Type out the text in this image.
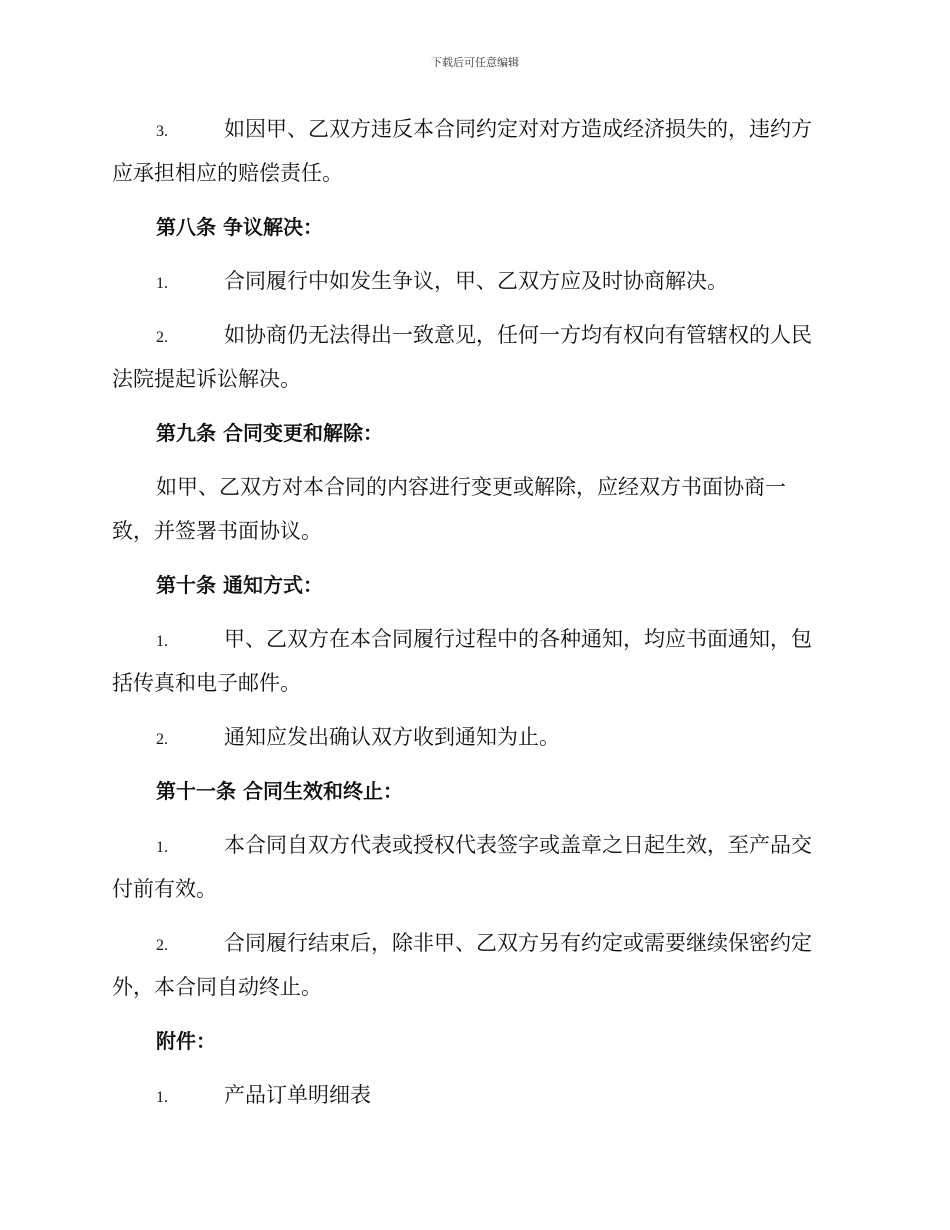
下载后可任意编辑
3.	如因甲、乙双方违反本合同约定对对方造成经济损失的，违约方
应承担相应的赔偿责任。
第八条 争议解决：
1.	合同履行中如发生争议，甲、乙双方应及时协商解决。
2.	如协商仍无法得出一致意见，任何一方均有权向有管辖权的人民
法院提起诉讼解决。
第九条 合同变更和解除：
如甲、乙双方对本合同的内容进行变更或解除，应经双方书面协商一
致，并签署书面协议。
第十条 通知方式：
1.	甲、乙双方在本合同履行过程中的各种通知，均应书面通知，包
括传真和电子邮件。
2.	通知应发出确认双方收到通知为止。
第十一条 合同生效和终止：
1.	本合同自双方代表或授权代表签字或盖章之日起生效，至产品交
付前有效。
2.	合同履行结束后，除非甲、乙双方另有约定或需要继续保密约定
外，本合同自动终止。
附件：
1.	产品订单明细表
